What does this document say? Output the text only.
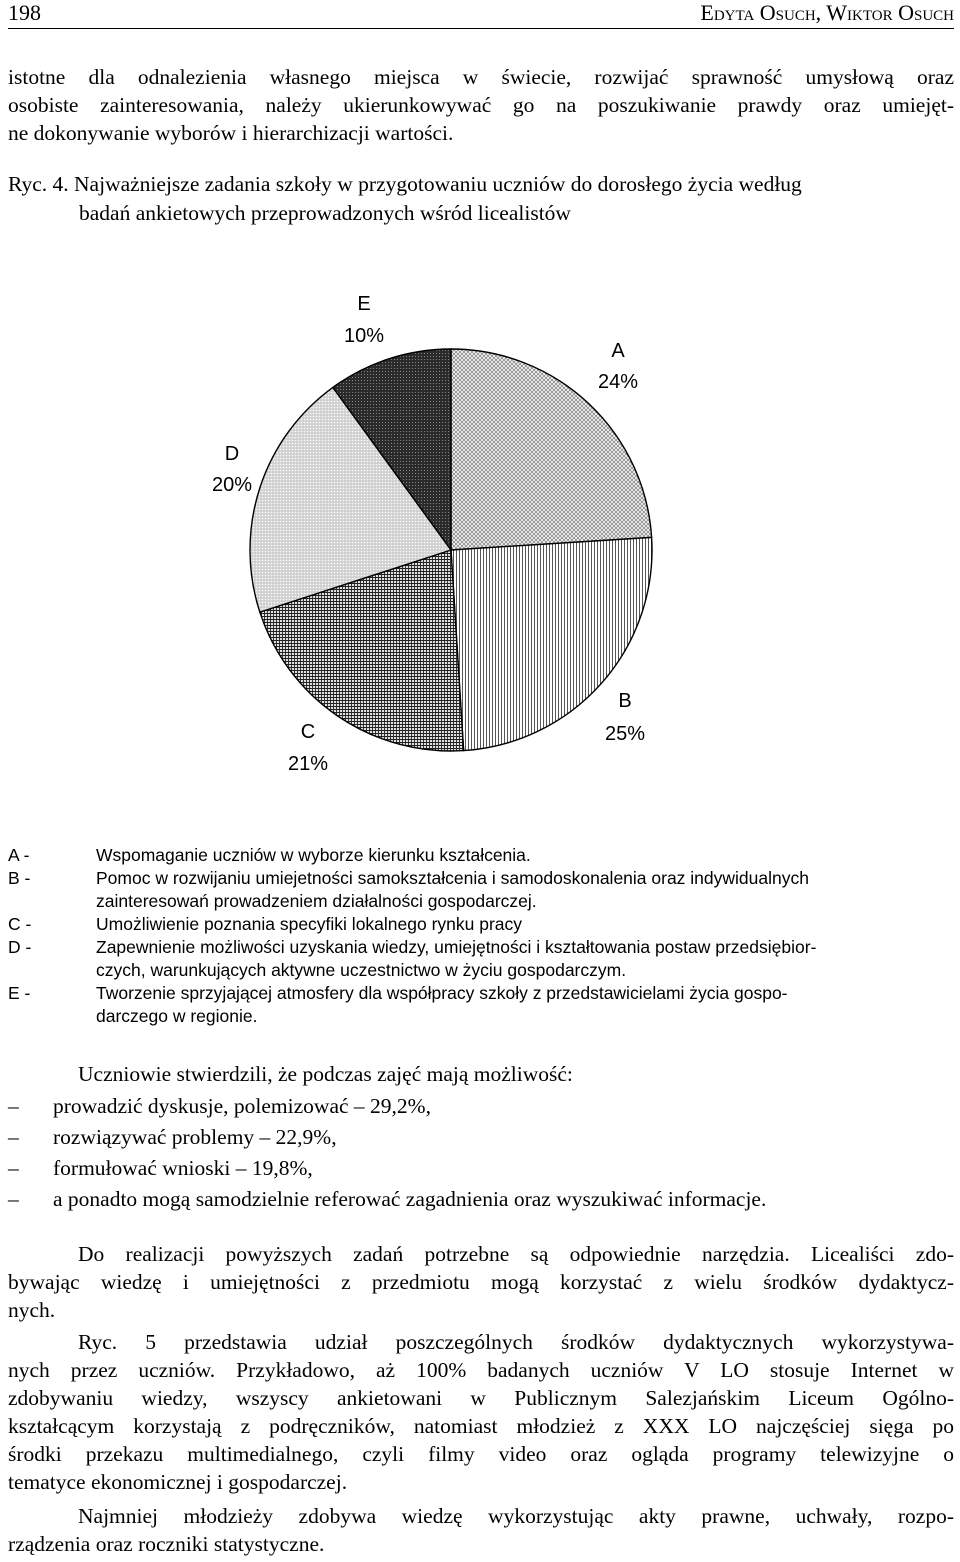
198	Edyta Osuch, Wiktor Osuch

istotne dla odnalezienia własnego miejsca w świecie, rozwijać sprawność umysłową oraz

osobiste zainteresowania, należy ukierunkowywać go na poszukiwanie prawdy oraz umiejęt-

ne dokonywanie wyborów i hierarchizacji wartości.

Ryc. 4. Najważniejsze zadania szkoły w przygotowaniu uczniów do dorosłego życia według
badań ankietowych przeprowadzonych wśród licealistów
A
24%
B
25%
C
21%
D
20%
E
10%
A -	Wspomaganie uczniów w wyborze kierunku kształcenia.
B -	Pomoc w rozwijaniu umiejetności samokształcenia i samodoskonalenia oraz indywidualnych
zainteresowań prowadzeniem działalności gospodarczej.
C -	Umożliwienie poznania specyfiki lokalnego rynku pracy
D -	Zapewnienie możliwości uzyskania wiedzy, umiejętności i kształtowania postaw przedsiębior-
czych, warunkujących aktywne uczestnictwo w życiu gospodarczym.
E -	Tworzenie sprzyjającej atmosfery dla współpracy szkoły z przedstawicielami życia gospo-
darczego w regionie.
Uczniowie stwierdzili, że podczas zajęć mają możliwość:
–	prowadzić dyskusje, polemizować – 29,2%,
–	rozwiązywać problemy – 22,9%,
–	formułować wnioski – 19,8%,
–	a ponadto mogą samodzielnie referować zagadnienia oraz wyszukiwać informacje.

Do realizacji powyższych zadań potrzebne są odpowiednie narzędzia. Licealiści zdo-

bywając wiedzę i umiejętności z przedmiotu mogą korzystać z wielu środków dydaktycz-

nych.

Ryc. 5 przedstawia udział poszczególnych środków dydaktycznych wykorzystywa-

nych przez uczniów. Przykładowo, aż 100% badanych uczniów V LO stosuje Internet w

zdobywaniu wiedzy, wszyscy ankietowani w Publicznym Salezjańskim Liceum Ogólno-

kształcącym korzystają z podręczników, natomiast młodzież z XXX LO najczęściej sięga po

środki przekazu multimedialnego, czyli filmy video oraz ogląda programy telewizyjne o

tematyce ekonomicznej i gospodarczej.

Najmniej młodzieży zdobywa wiedzę wykorzystując akty prawne, uchwały, rozpo-

rządzenia oraz roczniki statystyczne.
